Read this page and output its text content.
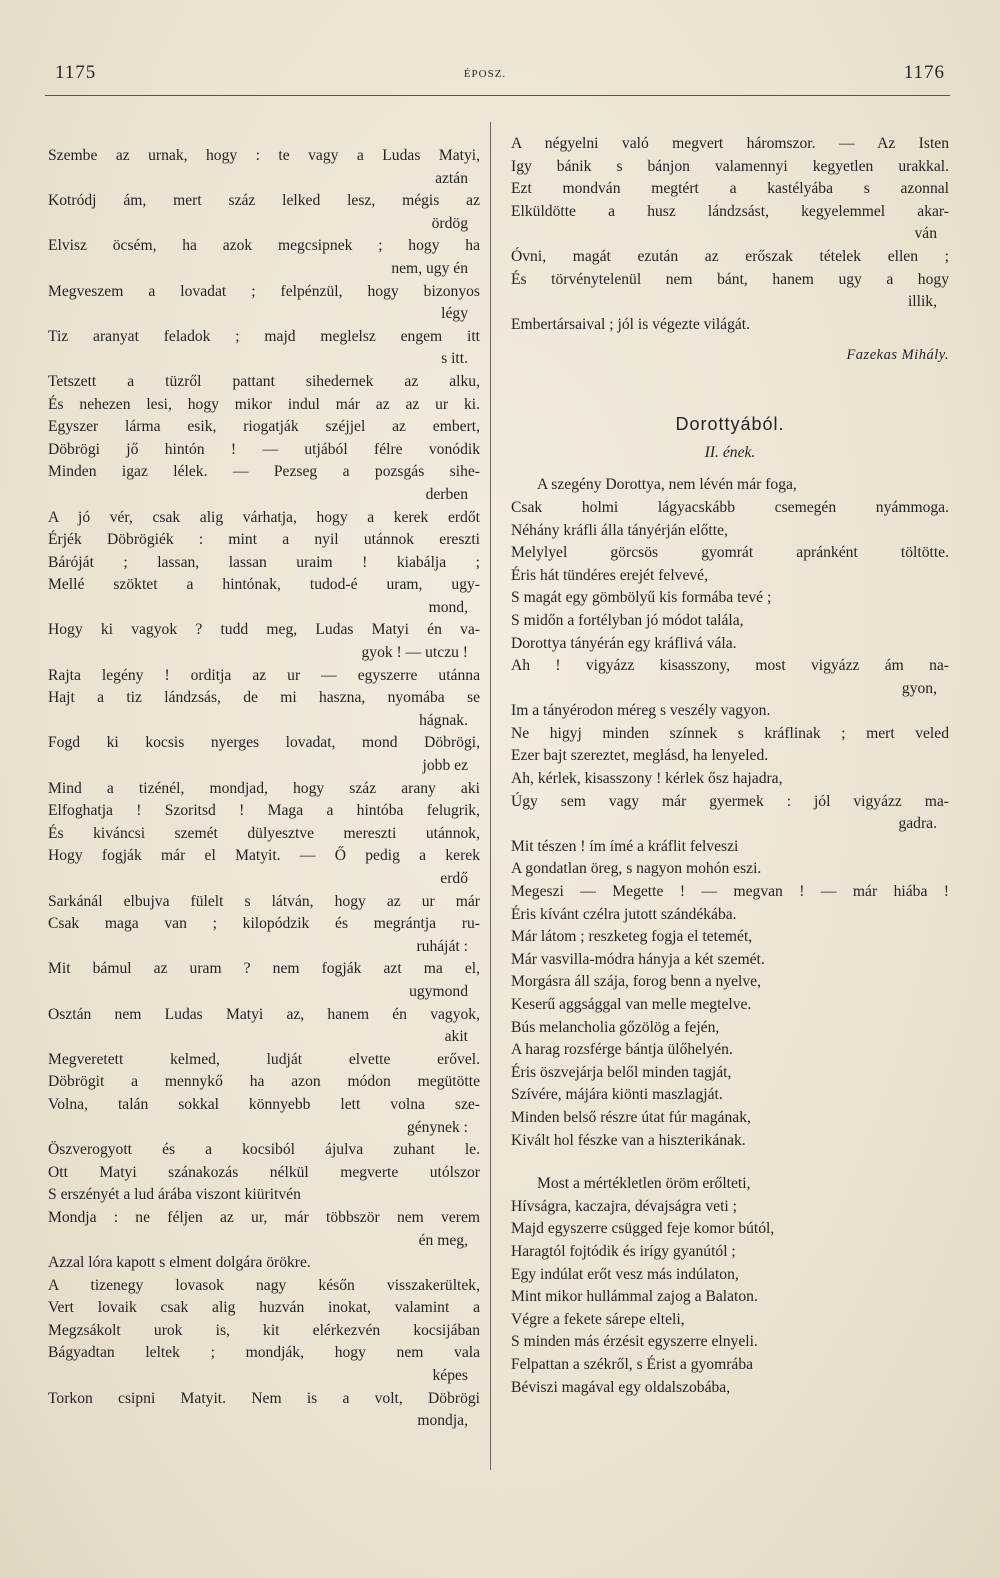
1175	ÉPOSZ.	1176
Szembe az urnak, hogy : te vagy a Ludas Matyi,
aztán
Kotródj ám, mert száz lelked lesz, mégis az
ördög
Elvisz öcsém, ha azok megcsipnek ; hogy ha
nem, ugy én
Megveszem a lovadat ; felpénzül, hogy bizonyos
légy
Tiz aranyat feladok ; majd meglelsz engem itt
s itt.
Tetszett a tüzről pattant sihedernek az alku,
És nehezen lesi, hogy mikor indul már az az ur ki.
Egyszer lárma esik, riogatják széjjel az embert,
Döbrögi jő hintón ! — utjából félre vonódik
Minden igaz lélek. — Pezseg a pozsgás sihe-
derben
A jó vér, csak alig várhatja, hogy a kerek erdőt
Érjék Döbrögiék : mint a nyil utánnok ereszti
Báróját ; lassan, lassan uraim ! kiabálja ;
Mellé szöktet a hintónak, tudod-é uram, ugy-
mond,
Hogy ki vagyok ? tudd meg, Ludas Matyi én va-
gyok ! — utczu !
Rajta legény ! orditja az ur — egyszerre utánna
Hajt a tiz lándzsás, de mi haszna, nyomába se
hágnak.
Fogd ki kocsis nyerges lovadat, mond Döbrögi,
jobb ez
Mind a tizénél, mondjad, hogy száz arany aki
Elfoghatja ! Szoritsd ! Maga a hintóba felugrik,
És kiváncsi szemét dülyesztve mereszti utánnok,
Hogy fogják már el Matyit. — Ő pedig a kerek
erdő
Sarkánál elbujva fülelt s látván, hogy az ur már
Csak maga van ; kilopódzik és megrántja ru-
ruháját :
Mit bámul az uram ? nem fogják azt ma el,
ugymond
Osztán nem Ludas Matyi az, hanem én vagyok,
akit
Megveretett kelmed, ludját elvette erővel.
Döbrögit a mennykő ha azon módon megütötte
Volna, talán sokkal könnyebb lett volna sze-
génynek :
Öszverogyott és a kocsiból ájulva zuhant le.
Ott Matyi szánakozás nélkül megverte utólszor
S erszényét a lud árába viszont kiüritvén
Mondja : ne féljen az ur, már többször nem verem
én meg,
Azzal lóra kapott s elment dolgára örökre.
A tizenegy lovasok nagy későn visszakerültek,
Vert lovaik csak alig huzván inokat, valamint a
Megzsákolt urok is, kit elérkezvén kocsijában
Bágyadtan leltek ; mondják, hogy nem vala
képes
Torkon csipni Matyit. Nem is a volt, Döbrögi
mondja,
A négyelni való megvert háromszor. — Az Isten
Igy bánik s bánjon valamennyi kegyetlen urakkal.
Ezt mondván megtért a kastélyába s azonnal
Elküldötte a husz lándzsást, kegyelemmel akar-
ván
Óvni, magát ezután az erőszak tételek ellen ;
És törvénytelenül nem bánt, hanem ugy a hogy
illik,
Embertársaival ; jól is végezte világát.
Fazekas Mihály.
Dorottyából.
II. ének.
A szegény Dorottya, nem lévén már foga,
Csak holmi lágyacskább csemegén nyámmoga.
Néhány kráfli álla tányérján előtte,
Melylyel görcsös gyomrát apránként töltötte.
Éris hát tündéres erejét felvevé,
S magát egy gömbölyű kis formába tevé ;
S midőn a fortélyban jó módot talála,
Dorottya tányérán egy kráflivá vála.
Ah ! vigyázz kisasszony, most vigyázz ám na-
gyon,
Im a tányérodon méreg s veszély vagyon.
Ne higyj minden színnek s kráflinak ; mert veled
Ezer bajt szereztet, meglásd, ha lenyeled.
Ah, kérlek, kisasszony ! kérlek ősz hajadra,
Úgy sem vagy már gyermek : jól vigyázz ma-
gadra.
Mit tészen ! ím ímé a kráflit felveszi
A gondatlan öreg, s nagyon mohón eszi.
Megeszi — Megette ! — megvan ! — már hiába !
Éris kívánt czélra jutott szándékába.
Már látom ; reszketeg fogja el tetemét,
Már vasvilla-módra hányja a két szemét.
Morgásra áll szája, forog benn a nyelve,
Keserű aggsággal van melle megtelve.
Bús melancholia gőzölög a fején,
A harag rozsférge bántja ülőhelyén.
Éris öszvejárja belől minden tagját,
Szívére, májára kiönti maszlagját.
Minden belső részre útat fúr magának,
Kivált hol fészke van a hiszterikának.
Most a mértékletlen öröm erőlteti,
Hívságra, kaczajra, dévajságra veti ;
Majd egyszerre csügged feje komor bútól,
Haragtól fojtódik és irígy gyanútól ;
Egy indúlat erőt vesz más indúlaton,
Mint mikor hullámmal zajog a Balaton.
Végre a fekete sárepe elteli,
S minden más érzésit egyszerre elnyeli.
Felpattan a székről, s Érist a gyomrába
Béviszi magával egy oldalszobába,
